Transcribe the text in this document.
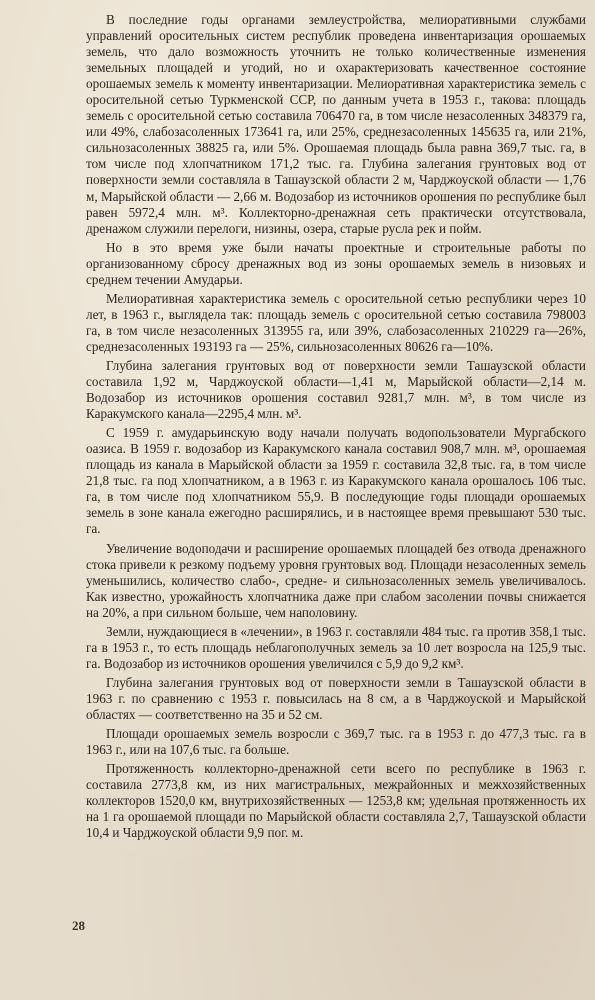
В последние годы органами землеустройства, мелиоративными службами управлений оросительных систем республик проведена инвентаризация орошаемых земель, что дало возможность уточнить не только количественные изменения земельных площадей и угодий, но и охарактеризовать качественное состояние орошаемых земель к моменту инвентаризации. Мелиоративная характеристика земель с оросительной сетью Туркменской ССР, по данным учета в 1953 г., такова: площадь земель с оросительной сетью составила 706470 га, в том числе незасоленных 348379 га, или 49%, слабозасоленных 173641 га, или 25%, среднезасоленных 145635 га, или 21%, сильнозасоленных 38825 га, или 5%. Орошаемая площадь была равна 369,7 тыс. га, в том числе под хлопчатником 171,2 тыс. га. Глубина залегания грунтовых вод от поверхности земли составляла в Ташаузской области 2 м, Чарджоуской области — 1,76 м, Марыйской области — 2,66 м. Водозабор из источников орошения по республике был равен 5972,4 млн. м³. Коллекторно-дренажная сеть практически отсутствовала, дренажом служили перелоги, низины, озера, старые русла рек и пойм.

Но в это время уже были начаты проектные и строительные работы по организованному сбросу дренажных вод из зоны орошаемых земель в низовьях и среднем течении Амударьи.

Мелиоративная характеристика земель с оросительной сетью республики через 10 лет, в 1963 г., выглядела так: площадь земель с оросительной сетью составила 798003 га, в том числе незасоленных 313955 га, или 39%, слабозасоленных 210229 га—26%, среднезасоленных 193193 га — 25%, сильнозасоленных 80626 га—10%.

Глубина залегания грунтовых вод от поверхности земли Ташаузской области составила 1,92 м, Чарджоуской области—1,41 м, Марыйской области—2,14 м. Водозабор из источников орошения составил 9281,7 млн. м³, в том числе из Каракумского канала—2295,4 млн. м³.

С 1959 г. амударьинскую воду начали получать водопользователи Мургабского оазиса. В 1959 г. водозабор из Каракумского канала составил 908,7 млн. м³, орошаемая площадь из канала в Марыйской области за 1959 г. составила 32,8 тыс. га, в том числе 21,8 тыс. га под хлопчатником, а в 1963 г. из Каракумского канала орошалось 106 тыс. га, в том числе под хлопчатником 55,9. В последующие годы площади орошаемых земель в зоне канала ежегодно расширялись, и в настоящее время превышают 530 тыс. га.

Увеличение водоподачи и расширение орошаемых площадей без отвода дренажного стока привели к резкому подъему уровня грунтовых вод. Площади незасоленных земель уменьшились, количество слабо-, средне- и сильнозасоленных земель увеличивалось. Как известно, урожайность хлопчатника даже при слабом засолении почвы снижается на 20%, а при сильном больше, чем наполовину.

Земли, нуждающиеся в «лечении», в 1963 г. составляли 484 тыс. га против 358,1 тыс. га в 1953 г., то есть площадь неблагополучных земель за 10 лет возросла на 125,9 тыс. га. Водозабор из источников орошения увеличился с 5,9 до 9,2 км³.

Глубина залегания грунтовых вод от поверхности земли в Ташаузской области в 1963 г. по сравнению с 1953 г. повысилась на 8 см, а в Чарджоуской и Марыйской областях — соответственно на 35 и 52 см.

Площади орошаемых земель возросли с 369,7 тыс. га в 1953 г. до 477,3 тыс. га в 1963 г., или на 107,6 тыс. га больше.

Протяженность коллекторно-дренажной сети всего по республике в 1963 г. составила 2773,8 км, из них магистральных, межрайонных и межхозяйственных коллекторов 1520,0 км, внутрихозяйственных — 1253,8 км; удельная протяженность их на 1 га орошаемой площади по Марыйской области составляла 2,7, Ташаузской области 10,4 и Чарджоуской области 9,9 пог. м.

28
